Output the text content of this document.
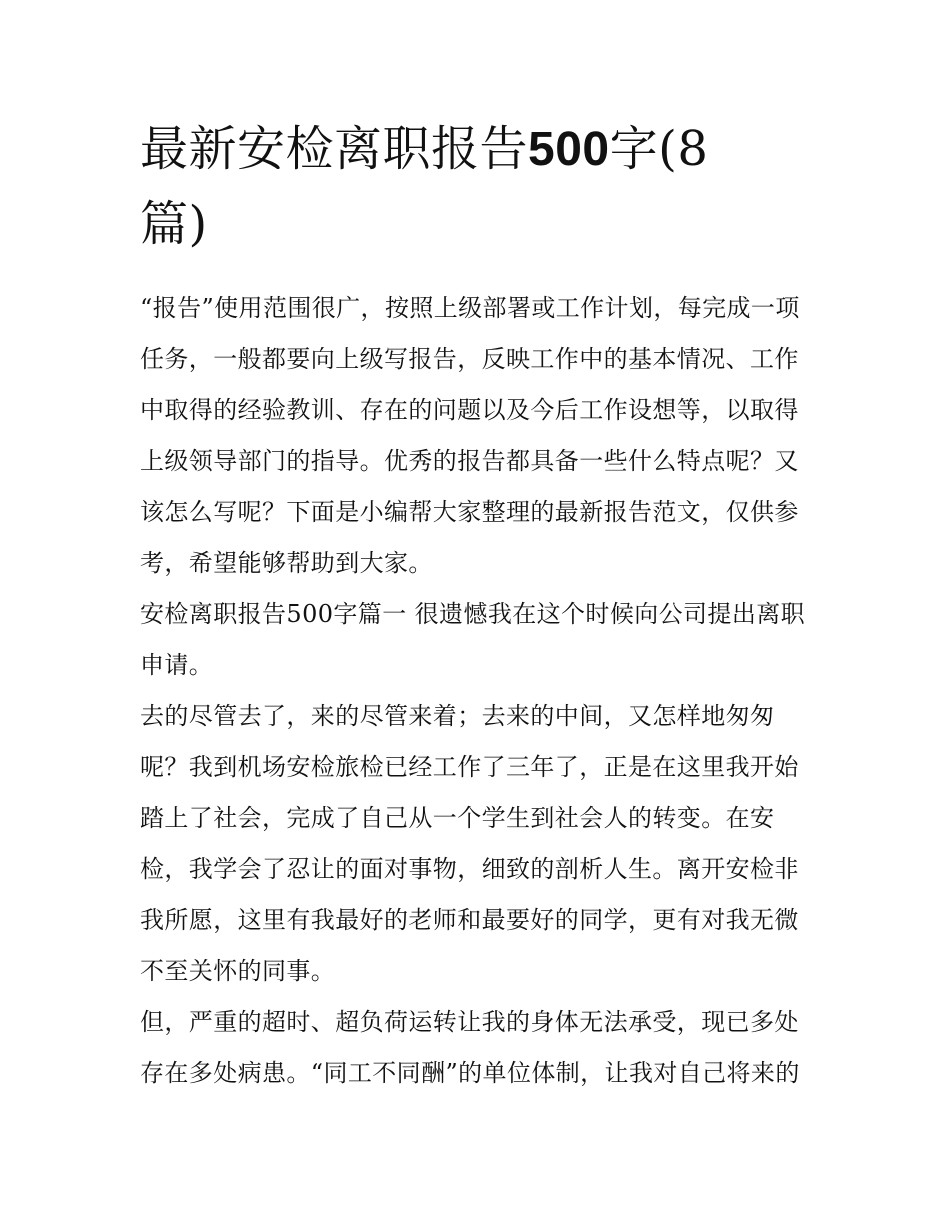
最新安检离职报告500字(8
篇)

“报告”使用范围很广，按照上级部署或工作计划，每完成一项任务，一般都要向上级写报告，反映工作中的基本情况、工作中取得的经验教训、存在的问题以及今后工作设想等，以取得上级领导部门的指导。优秀的报告都具备一些什么特点呢？又该怎么写呢？下面是小编帮大家整理的最新报告范文，仅供参考，希望能够帮助到大家。

安检离职报告500字篇一 很遗憾我在这个时候向公司提出离职申请。

去的尽管去了，来的尽管来着；去来的中间，又怎样地匆匆呢？我到机场安检旅检已经工作了三年了，正是在这里我开始踏上了社会，完成了自己从一个学生到社会人的转变。在安检，我学会了忍让的面对事物，细致的剖析人生。离开安检非我所愿，这里有我最好的老师和最要好的同学，更有对我无微不至关怀的同事。

但，严重的超时、超负荷运转让我的身体无法承受，现已多处存在多处病患。“同工不同酬”的单位体制，让我对自己将来的
